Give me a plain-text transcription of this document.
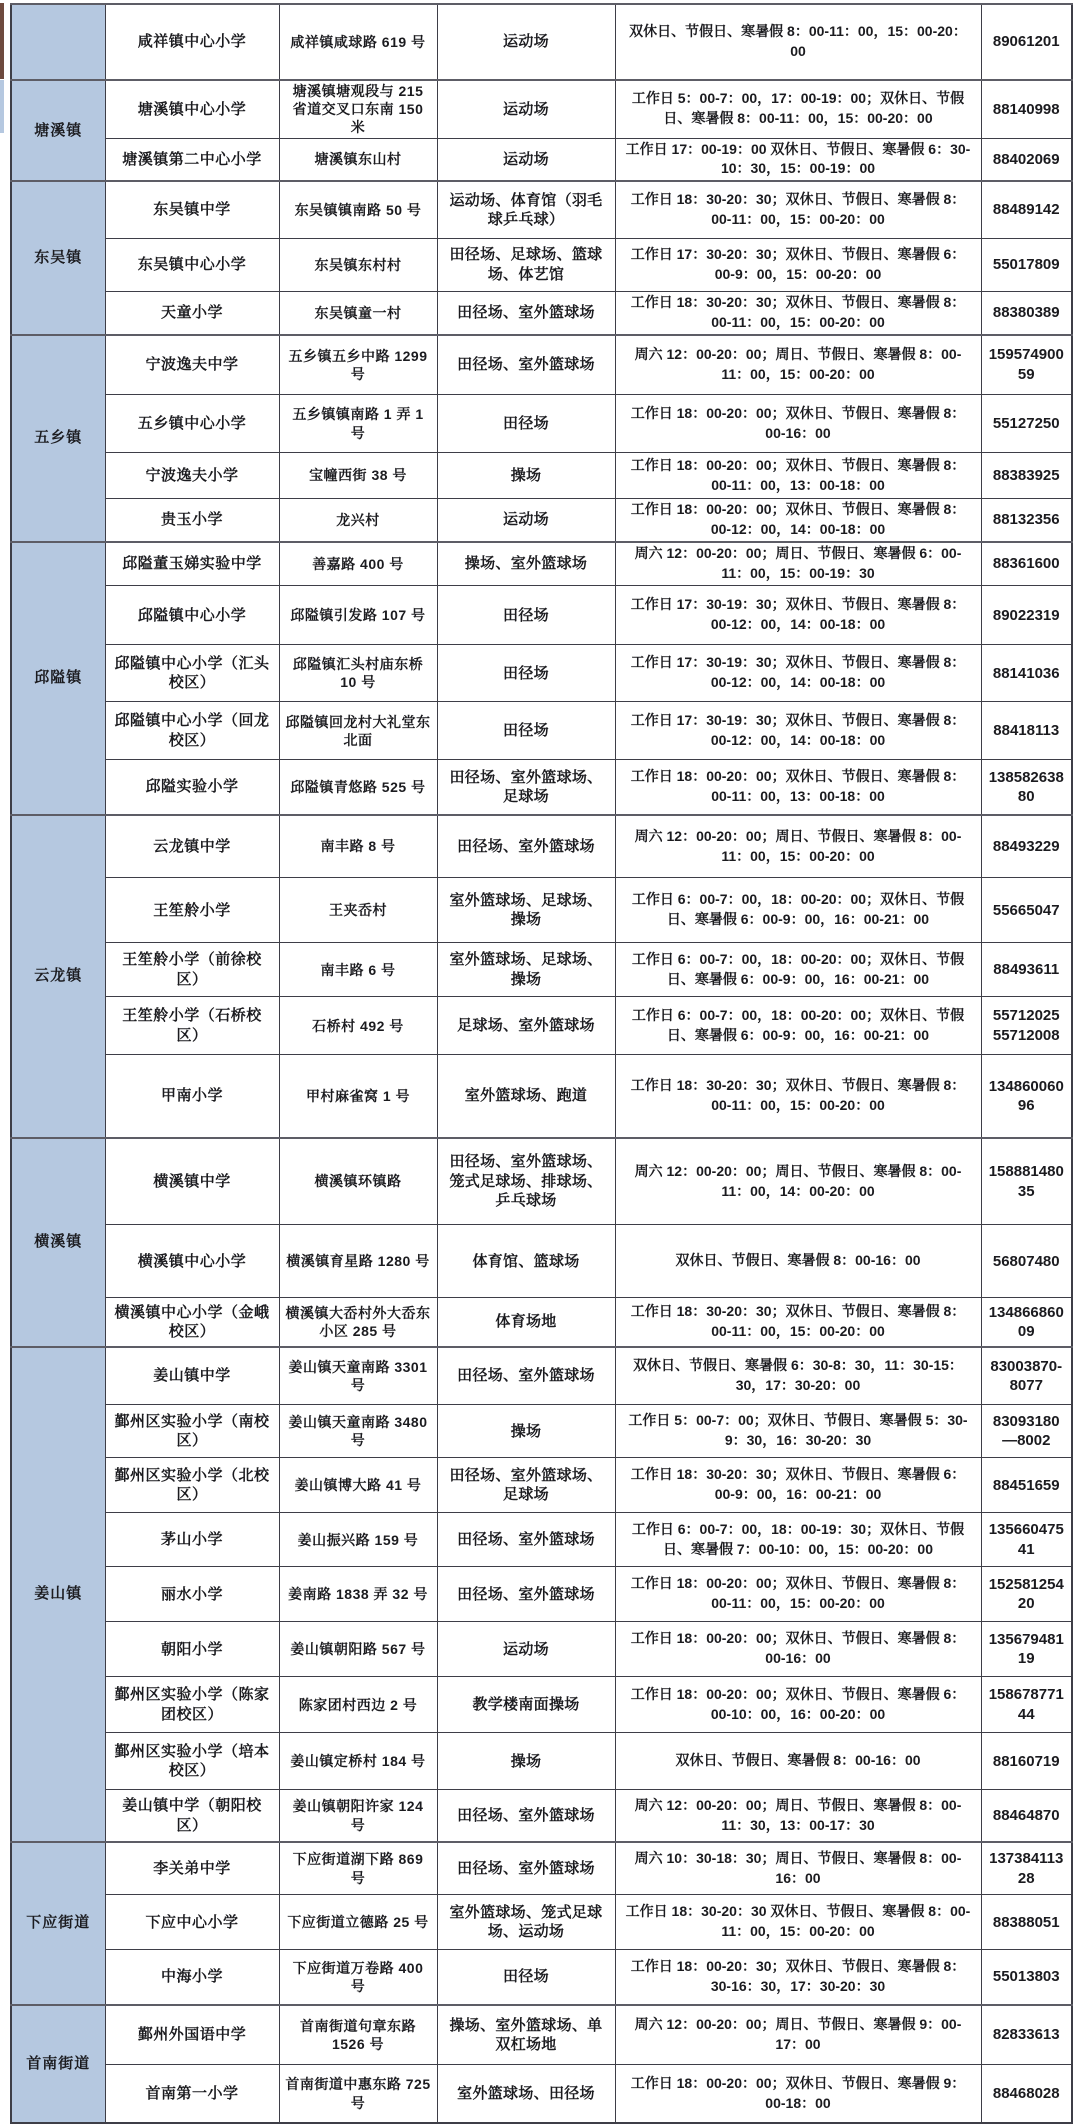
	咸祥镇中心小学	咸祥镇咸球路 619 号	运动场	双休日、节假日、寒暑假 8：00-11：00，15：00-20：00	89061201
塘溪镇	塘溪镇中心小学	塘溪镇塘观段与 215 省道交叉口东南 150 米	运动场	工作日 5：00-7：00，17：00-19：00；双休日、节假日、寒暑假 8：00-11：00，15：00-20：00	88140998
	塘溪镇第二中心小学	塘溪镇东山村	运动场	工作日 17：00-19：00 双休日、节假日、寒暑假 6：30-10：30，15：00-19：00	88402069
东吴镇	东吴镇中学	东吴镇镇南路 50 号	运动场、体育馆（羽毛球乒乓球）	工作日 18：30-20：30；双休日、节假日、寒暑假 8：00-11：00，15：00-20：00	88489142
	东吴镇中心小学	东吴镇东村村	田径场、足球场、篮球场、体艺馆	工作日 17：30-20：30；双休日、节假日、寒暑假 6：00-9：00，15：00-20：00	55017809
	天童小学	东吴镇童一村	田径场、室外篮球场	工作日 18：30-20：30；双休日、节假日、寒暑假 8：00-11：00，15：00-20：00	88380389
五乡镇	宁波逸夫中学	五乡镇五乡中路 1299 号	田径场、室外篮球场	周六 12：00-20：00；周日、节假日、寒暑假 8：00-11：00，15：00-20：00	15957490059
	五乡镇中心小学	五乡镇镇南路 1 弄 1 号	田径场	工作日 18：00-20：00；双休日、节假日、寒暑假 8：00-16：00	55127250
	宁波逸夫小学	宝幢西街 38 号	操场	工作日 18：00-20：00；双休日、节假日、寒暑假 8：00-11：00，13：00-18：00	88383925
	贵玉小学	龙兴村	运动场	工作日 18：00-20：00；双休日、节假日、寒暑假 8：00-12：00，14：00-18：00	88132356
邱隘镇	邱隘董玉娣实验中学	善嘉路 400 号	操场、室外篮球场	周六 12：00-20：00；周日、节假日、寒暑假 6：00-11：00，15：00-19：30	88361600
	邱隘镇中心小学	邱隘镇引发路 107 号	田径场	工作日 17：30-19：30；双休日、节假日、寒暑假 8：00-12：00，14：00-18：00	89022319
	邱隘镇中心小学（汇头校区）	邱隘镇汇头村庙东桥 10 号	田径场	工作日 17：30-19：30；双休日、节假日、寒暑假 8：00-12：00，14：00-18：00	88141036
	邱隘镇中心小学（回龙校区）	邱隘镇回龙村大礼堂东北面	田径场	工作日 17：30-19：30；双休日、节假日、寒暑假 8：00-12：00，14：00-18：00	88418113
	邱隘实验小学	邱隘镇青悠路 525 号	田径场、室外篮球场、足球场	工作日 18：00-20：00；双休日、节假日、寒暑假 8：00-11：00，13：00-18：00	13858263880
云龙镇	云龙镇中学	南丰路 8 号	田径场、室外篮球场	周六 12：00-20：00；周日、节假日、寒暑假 8：00-11：00，15：00-20：00	88493229
	王笙舲小学	王夹岙村	室外篮球场、足球场、操场	工作日 6：00-7：00，18：00-20：00；双休日、节假日、寒暑假 6：00-9：00，16：00-21：00	55665047
	王笙舲小学（前徐校区）	南丰路 6 号	室外篮球场、足球场、操场	工作日 6：00-7：00，18：00-20：00；双休日、节假日、寒暑假 6：00-9：00，16：00-21：00	88493611
	王笙舲小学（石桥校区）	石桥村 492 号	足球场、室外篮球场	工作日 6：00-7：00，18：00-20：00；双休日、节假日、寒暑假 6：00-9：00，16：00-21：00	55712025 55712008
	甲南小学	甲村麻雀窝 1 号	室外篮球场、跑道	工作日 18：30-20：30；双休日、节假日、寒暑假 8：00-11：00，15：00-20：00	13486006096
横溪镇	横溪镇中学	横溪镇环镇路	田径场、室外篮球场、笼式足球场、排球场、乒乓球场	周六 12：00-20：00；周日、节假日、寒暑假 8：00-11：00，14：00-20：00	15888148035
	横溪镇中心小学	横溪镇育星路 1280 号	体育馆、篮球场	双休日、节假日、寒暑假 8：00-16：00	56807480
	横溪镇中心小学（金峨校区）	横溪镇大岙村外大岙东小区 285 号	体育场地	工作日 18：30-20：30；双休日、节假日、寒暑假 8：00-11：00，15：00-20：00	13486686009
姜山镇	姜山镇中学	姜山镇天童南路 3301 号	田径场、室外篮球场	双休日、节假日、寒暑假 6：30-8：30，11：30-15：30，17：30-20：00	83003870-8077
	鄞州区实验小学（南校区）	姜山镇天童南路 3480 号	操场	工作日 5：00-7：00；双休日、节假日、寒暑假 5：30-9：30，16：30-20：30	83093180—8002
	鄞州区实验小学（北校区）	姜山镇博大路 41 号	田径场、室外篮球场、足球场	工作日 18：30-20：30；双休日、节假日、寒暑假 6：00-9：00，16：00-21：00	88451659
	茅山小学	姜山振兴路 159 号	田径场、室外篮球场	工作日 6：00-7：00，18：00-19：30；双休日、节假日、寒暑假 7：00-10：00，15：00-20：00	13566047541
	丽水小学	姜南路 1838 弄 32 号	田径场、室外篮球场	工作日 18：00-20：00；双休日、节假日、寒暑假 8：00-11：00，15：00-20：00	15258125420
	朝阳小学	姜山镇朝阳路 567 号	运动场	工作日 18：00-20：00；双休日、节假日、寒暑假 8：00-16：00	13567948119
	鄞州区实验小学（陈家团校区）	陈家团村西边 2 号	教学楼南面操场	工作日 18：00-20：00；双休日、节假日、寒暑假 6：00-10：00，16：00-20：00	15867877144
	鄞州区实验小学（培本校区）	姜山镇定桥村 184 号	操场	双休日、节假日、寒暑假 8：00-16：00	88160719
	姜山镇中学（朝阳校区）	姜山镇朝阳许家 124 号	田径场、室外篮球场	周六 12：00-20：00；周日、节假日、寒暑假 8：00-11：30，13：00-17：30	88464870
下应街道	李关弟中学	下应街道湖下路 869 号	田径场、室外篮球场	周六 10：30-18：30；周日、节假日、寒暑假 8：00-16：00	13738411328
	下应中心小学	下应街道立德路 25 号	室外篮球场、笼式足球场、运动场	工作日 18：30-20：30 双休日、节假日、寒暑假 8：00-11：00，15：00-20：00	88388051
	中海小学	下应街道万卷路 400 号	田径场	工作日 18：00-20：30；双休日、节假日、寒暑假 8：30-16：30，17：30-20：30	55013803
首南街道	鄞州外国语中学	首南街道句章东路 1526 号	操场、室外篮球场、单双杠场地	周六 12：00-20：00；周日、节假日、寒暑假 9：00-17：00	82833613
	首南第一小学	首南街道中惠东路 725 号	室外篮球场、田径场	工作日 18：00-20：00；双休日、节假日、寒暑假 9：00-18：00	88468028
